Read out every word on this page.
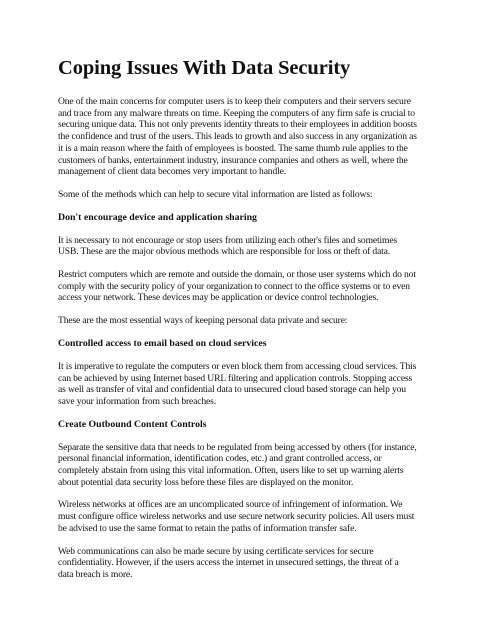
Coping Issues With Data Security
One of the main concerns for computer users is to keep their computers and their servers secure
and trace from any malware threats on time. Keeping the computers of any firm safe is crucial to
securing unique data. This not only prevents identity threats to their employees in addition boosts
the confidence and trust of the users. This leads to growth and also success in any organization as
it is a main reason where the faith of employees is boosted. The same thumb rule applies to the
customers of banks, entertainment industry, insurance companies and others as well, where the
management of client data becomes very important to handle.
Some of the methods which can help to secure vital information are listed as follows:
Don't encourage device and application sharing
It is necessary to not encourage or stop users from utilizing each other's files and sometimes
USB. These are the major obvious methods which are responsible for loss or theft of data.
Restrict computers which are remote and outside the domain, or those user systems which do not
comply with the security policy of your organization to connect to the office systems or to even
access your network. These devices may be application or device control technologies.
These are the most essential ways of keeping personal data private and secure:
Controlled access to email based on cloud services
It is imperative to regulate the computers or even block them from accessing cloud services. This
can be achieved by using Internet based URL filtering and application controls. Stopping access
as well as transfer of vital and confidential data to unsecured cloud based storage can help you
save your information from such breaches.
Create Outbound Content Controls
Separate the sensitive data that needs to be regulated from being accessed by others (for instance,
personal financial information, identification codes, etc.) and grant controlled access, or
completely abstain from using this vital information. Often, users like to set up warning alerts
about potential data security loss before these files are displayed on the monitor.
Wireless networks at offices are an uncomplicated source of infringement of information. We
must configure office wireless networks and use secure network security policies. All users must
be advised to use the same format to retain the paths of information transfer safe.
Web communications can also be made secure by using certificate services for secure
confidentiality. However, if the users access the internet in unsecured settings, the threat of a
data breach is more.
